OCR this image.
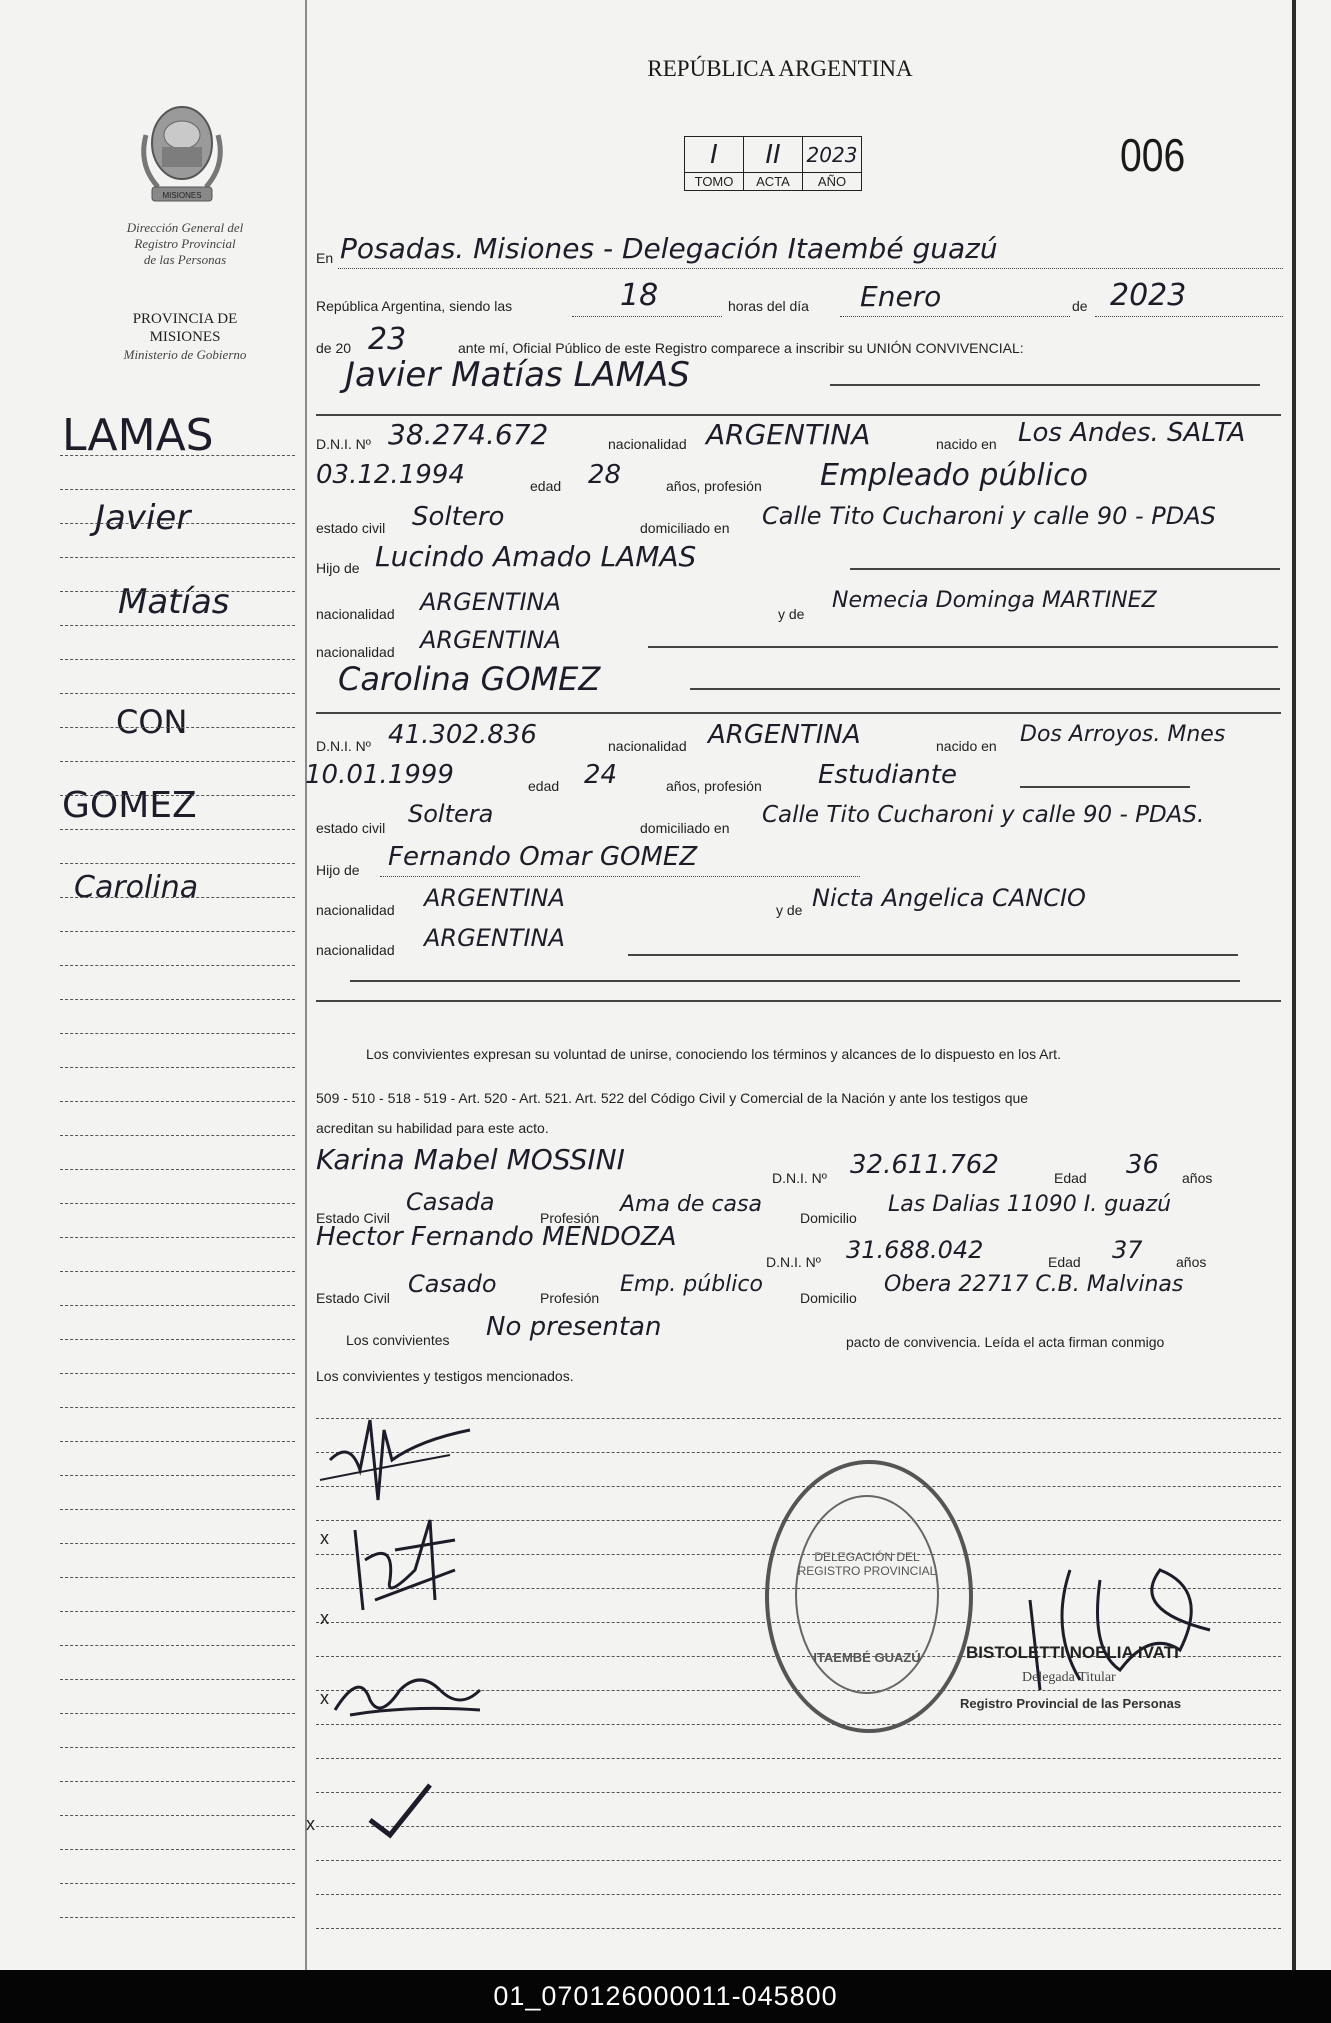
MISIONES
Dirección General del
Registro Provincial
de las Personas
PROVINCIA DE
MISIONES
Ministerio de Gobierno
REPÚBLICA ARGENTINA
I	II	2023
TOMO	ACTA	AÑO
006
LAMAS
Javier
Matías
CON
GOMEZ
Carolina
En Posadas. Misiones - Delegación Itaembé guazú
República Argentina, siendo las	18	horas del día Enero	de 2023
de 20 23	ante mí, Oficial Público de este Registro comparece a inscribir su UNIÓN CONVIVENCIAL:
Javier Matías LAMAS
D.N.I. Nº 38.274.672	nacionalidad ARGENTINA	nacido en Los Andes. SALTA
03.12.1994	edad 28	años, profesión Empleado público
estado civil Soltero	domiciliado en Calle Tito Cucharoni y calle 90 - PDAS
Hijo de Lucindo Amado LAMAS
nacionalidad ARGENTINA	y de
Nemecia Dominga MARTINEZ
nacionalidad ARGENTINA
Carolina GOMEZ
D.N.I. Nº 41.302.836	nacionalidad ARGENTINA	nacido en Dos Arroyos. Mnes
10.01.1999	edad 24	años, profesión Estudiante
estado civil Soltera	domiciliado en Calle Tito Cucharoni y calle 90 - PDAS.
Hijo de Fernando Omar GOMEZ
nacionalidad ARGENTINA	y de Nicta Angelica CANCIO
nacionalidad ARGENTINA
Los convivientes expresan su voluntad de unirse, conociendo los términos y alcances de lo dispuesto en los Art.
509 - 510 - 518 - 519 - Art. 520 - Art. 521. Art. 522 del Código Civil y Comercial de la Nación y ante los testigos que
acreditan su habilidad para este acto.
Karina Mabel MOSSINI
D.N.I. Nº 32.611.762	Edad 36 años
Estado Civil
Casada
Profesión
Ama de casa
Domicilio
Las Dalias 11090 I. guazú
Hector Fernando MENDOZA
D.N.I. Nº 31.688.042	Edad 37 años
Estado Civil Casado	Profesión
Emp. público
Domicilio
Obera 22717 C.B. Malvinas
Los convivientes No presentan	pacto de convivencia. Leída el acta firman conmigo
Los convivientes y testigos mencionados.
x
x
x
x
DELEGACIÓN DEL REGISTRO PROVINCIAL
ITAEMBÉ GUAZÚ	BISTOLETTI NOELIA IVATI
Delegada Titular
Registro Provincial de las Personas
01_070126000011-045800
